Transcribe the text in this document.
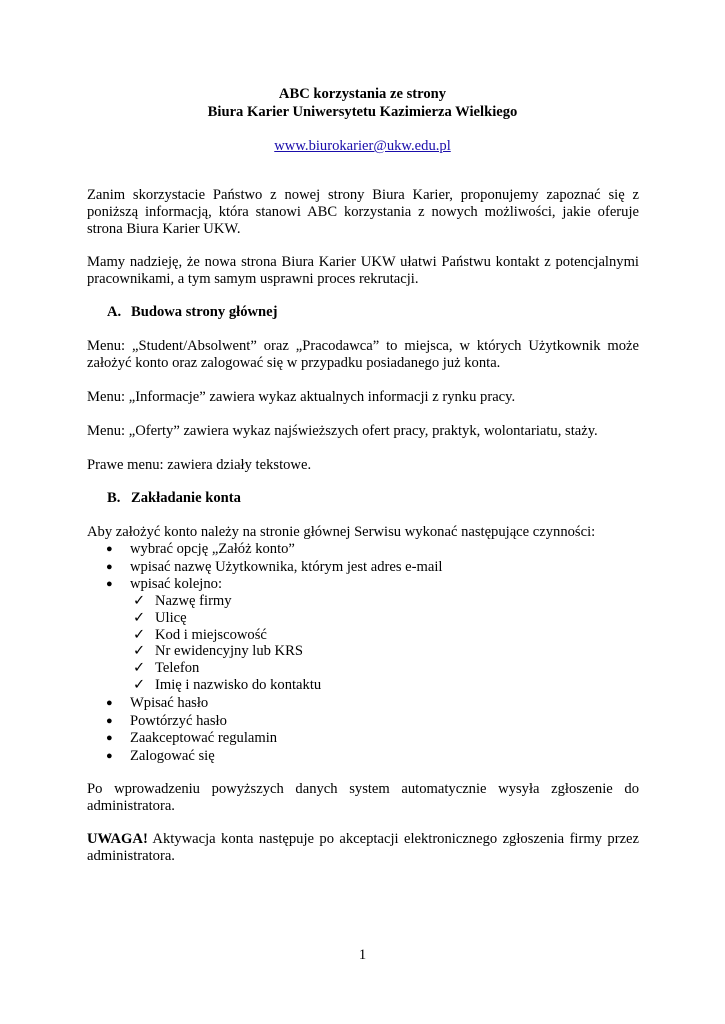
ABC korzystania ze strony
Biura Karier Uniwersytetu Kazimierza Wielkiego
www.biurokarier@ukw.edu.pl
Zanim skorzystacie Państwo z nowej strony Biura Karier, proponujemy zapoznać się z poniższą informacją, która stanowi ABC korzystania z nowych możliwości, jakie oferuje strona Biura Karier UKW.
Mamy nadzieję, że nowa strona Biura Karier UKW ułatwi Państwu kontakt z potencjalnymi pracownikami, a tym samym usprawni proces rekrutacji.
A. Budowa strony głównej
Menu: „Student/Absolwent” oraz „Pracodawca” to miejsca, w których Użytkownik może założyć konto oraz zalogować się w przypadku posiadanego już konta.
Menu: „Informacje” zawiera wykaz aktualnych informacji z rynku pracy.
Menu: „Oferty” zawiera wykaz najświeższych ofert pracy, praktyk, wolontariatu, staży.
Prawe menu: zawiera działy tekstowe.
B. Zakładanie konta
Aby założyć konto należy na stronie głównej Serwisu wykonać następujące czynności:
● wybrać opcję „Załóż konto”
● wpisać nazwę Użytkownika, którym jest adres e-mail
● wpisać kolejno:
✓ Nazwę firmy
✓ Ulicę
✓ Kod i miejscowość
✓ Nr ewidencyjny lub KRS
✓ Telefon
✓ Imię i nazwisko do kontaktu
● Wpisać hasło
● Powtórzyć hasło
● Zaakceptować regulamin
● Zalogować się
Po wprowadzeniu powyższych danych system automatycznie wysyła zgłoszenie do administratora.
UWAGA! Aktywacja konta następuje po akceptacji elektronicznego zgłoszenia firmy przez administratora.
1
